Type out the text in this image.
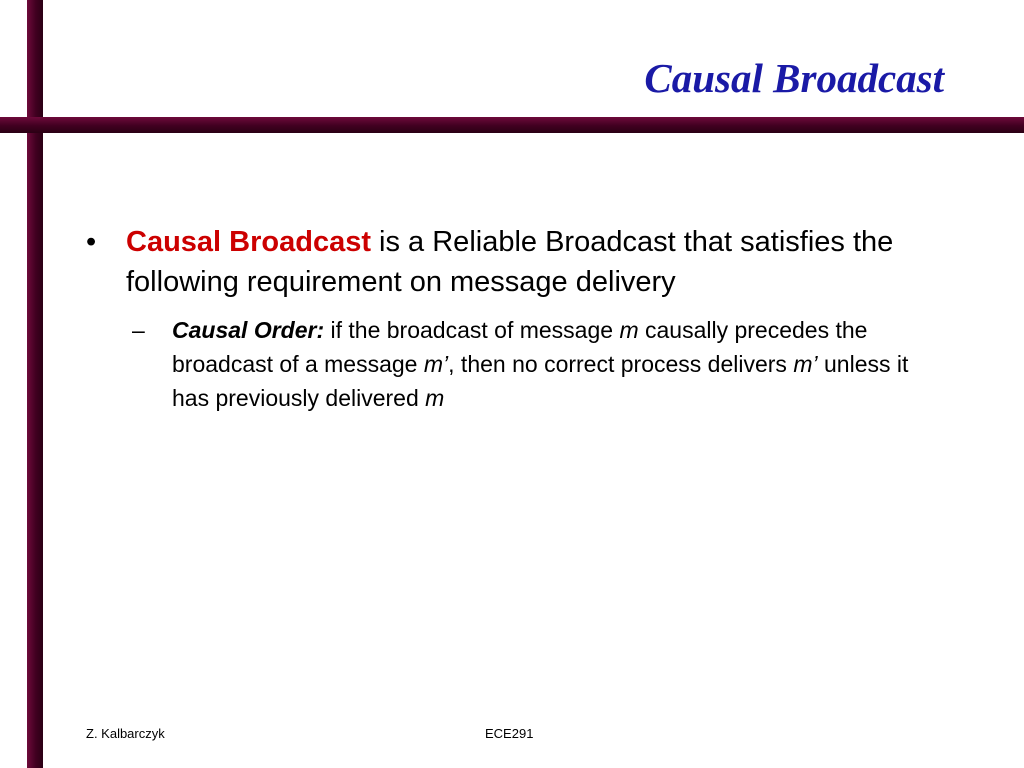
Causal Broadcast
• Causal Broadcast is a Reliable Broadcast that satisfies the following requirement on message delivery
– Causal Order: if the broadcast of message m causally precedes the broadcast of a message m’, then no correct process delivers m’ unless it has previously delivered m
Z. Kalbarczyk	ECE291
